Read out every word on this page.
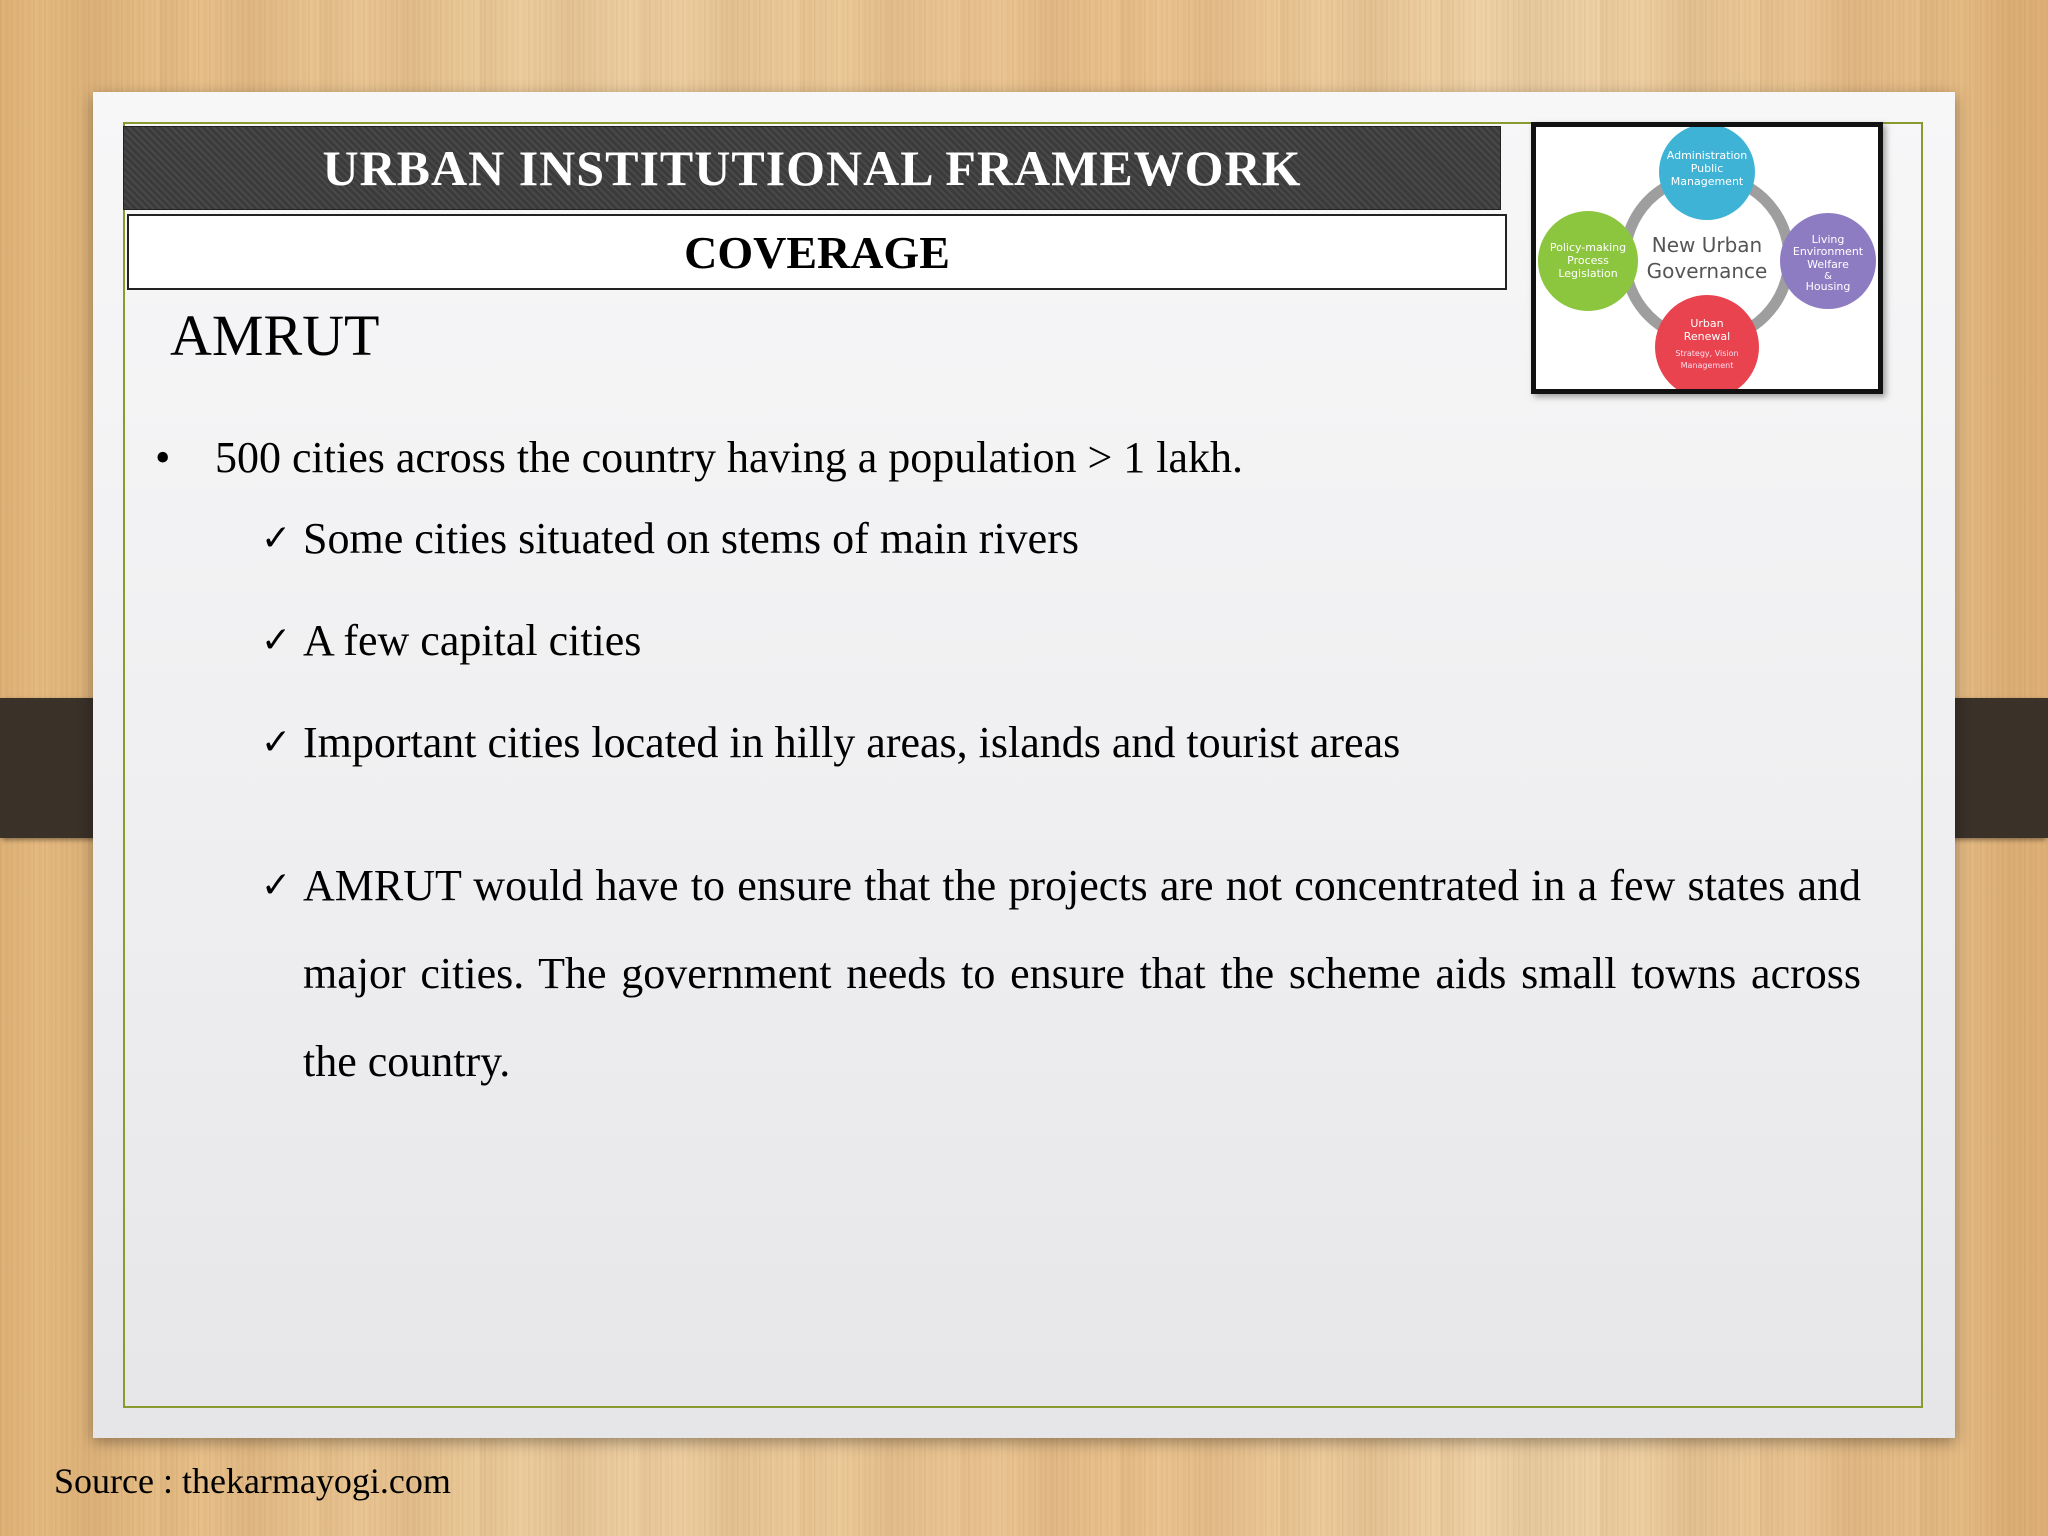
URBAN INSTITUTIONAL FRAMEWORK
COVERAGE
AMRUT
•	500 cities across the country having a population > 1 lakh.
✓ Some cities situated on stems of main rivers
✓ A few capital cities
✓ Important cities located in hilly areas, islands and tourist areas
✓ AMRUT would have to ensure that the projects are not concentrated in a few states and major cities. The government needs to ensure that the scheme aids small towns across the country.
New Urban
Governance
Administration
Public
Management
Policy-making
Process
Legislation
Living
Environment
Welfare
&
Housing
Urban
Renewal
Strategy, Vision
Management
Source : thekarmayogi.com
